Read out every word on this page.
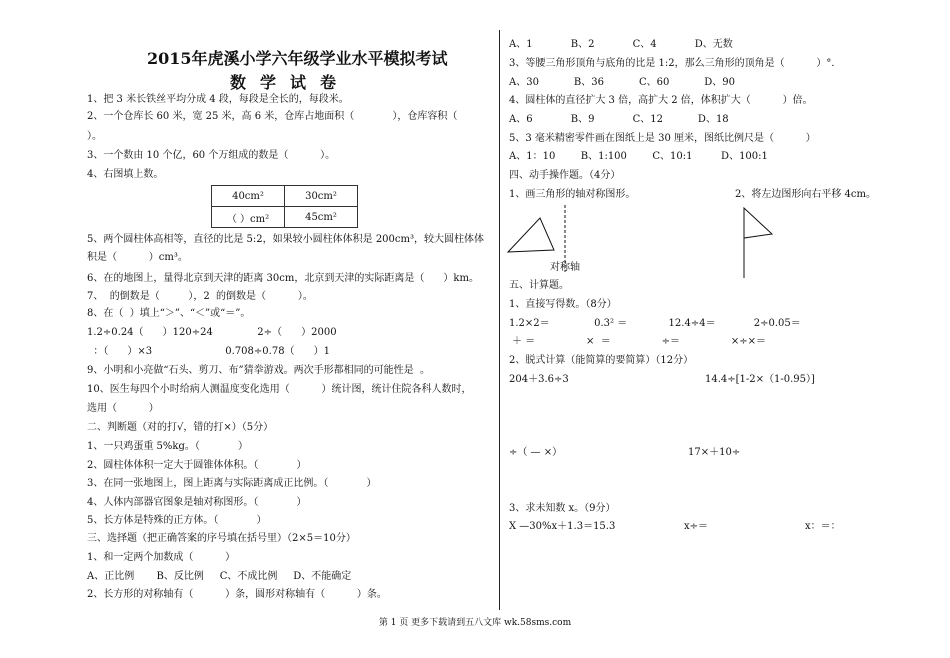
2015年虎溪小学六年级学业水平模拟考试
数学试卷
1、把 3 米长铁丝平均分成 4 段，每段是全长的，每段米。
2、一个仓库长 60 米，宽 25 米，高 6 米，仓库占地面积（            ），仓库容积（
）。
3、一个数由 10 个亿，60 个万组成的数是（          ）。
4、右图填上数。
40cm²	30cm²
（ ）cm²	45cm²
5、两个圆柱体高相等，直径的比是 5:2，如果较小圆柱体体积是 200cm³，较大圆柱体体
积是（          ）cm³。
6、在的地图上，量得北京到天津的距离 30cm，北京到天津的实际距离是（      ）km。
7、  的倒数是（         ），2  的倒数是（          ）。
8、在（  ）填上“＞”、“＜”或“＝”。
1.2÷0.24（      ）120÷24              2÷（      ）2000
：（      ）×3                       0.708÷0.78（      ）1
9、小明和小亮做“石头、剪刀、布”猜拳游戏。两次手形都相同的可能性是  。
10、医生每四个小时给病人测温度变化选用（          ）统计图，统计住院各科人数时，
选用（          ）
二、判断题（对的打√，错的打×）（5分）
1、一只鸡蛋重 5%kg。（            ）
2、圆柱体体积一定大于圆锥体体积。（            ）
3、在同一张地图上，图上距离与实际距离成正比例。（            ）
4、人体内部器官图象是轴对称图形。（            ）
5、长方体是特殊的正方体。（            ）
三、选择题（把正确答案的序号填在括号里）（2×5＝10分）
1、和一定两个加数成（          ）
A、正比例       B、反比例     C、不成比例     D、不能确定
2、长方形的对称轴有（          ）条，圆形对称轴有（          ）条。
A、1            B、2            C、4            D、无数
3、等腰三角形顶角与底角的比是 1:2，那么三角形的顶角是（          ）°．
A、30           B、36           C、60           D、90
4、圆柱体的直径扩大 3 倍，高扩大 2 倍，体积扩大（          ）倍。
A、6            B、9            C、12           D、18
5、3 毫米精密零件画在图纸上是 30 厘米，图纸比例尺是（          ）
A、1：10        B、1:100        C、10:1         D、100:1
四、动手操作题。（4分）
1、画三角形的轴对称图形。	2、将左边图形向右平移 4cm。
对称轴
五、计算题。
1、直接写得数。（8分）
1.2×2＝              0.3² ＝             12.4÷4＝            2÷0.05＝
＋ ＝                ×  ＝                ÷＝                ×÷×＝
2、脱式计算（能简算的要简算）（12分）
204＋3.6÷3	14.4÷[1-2×（1-0.95）]
÷（ — ×）	17×＋10÷
3、求未知数 x。（9分）
X —30%x＋1.3＝15.3	x÷＝	x：＝：
第 1 页 更多下载请到五八文库 wk.58sms.com
